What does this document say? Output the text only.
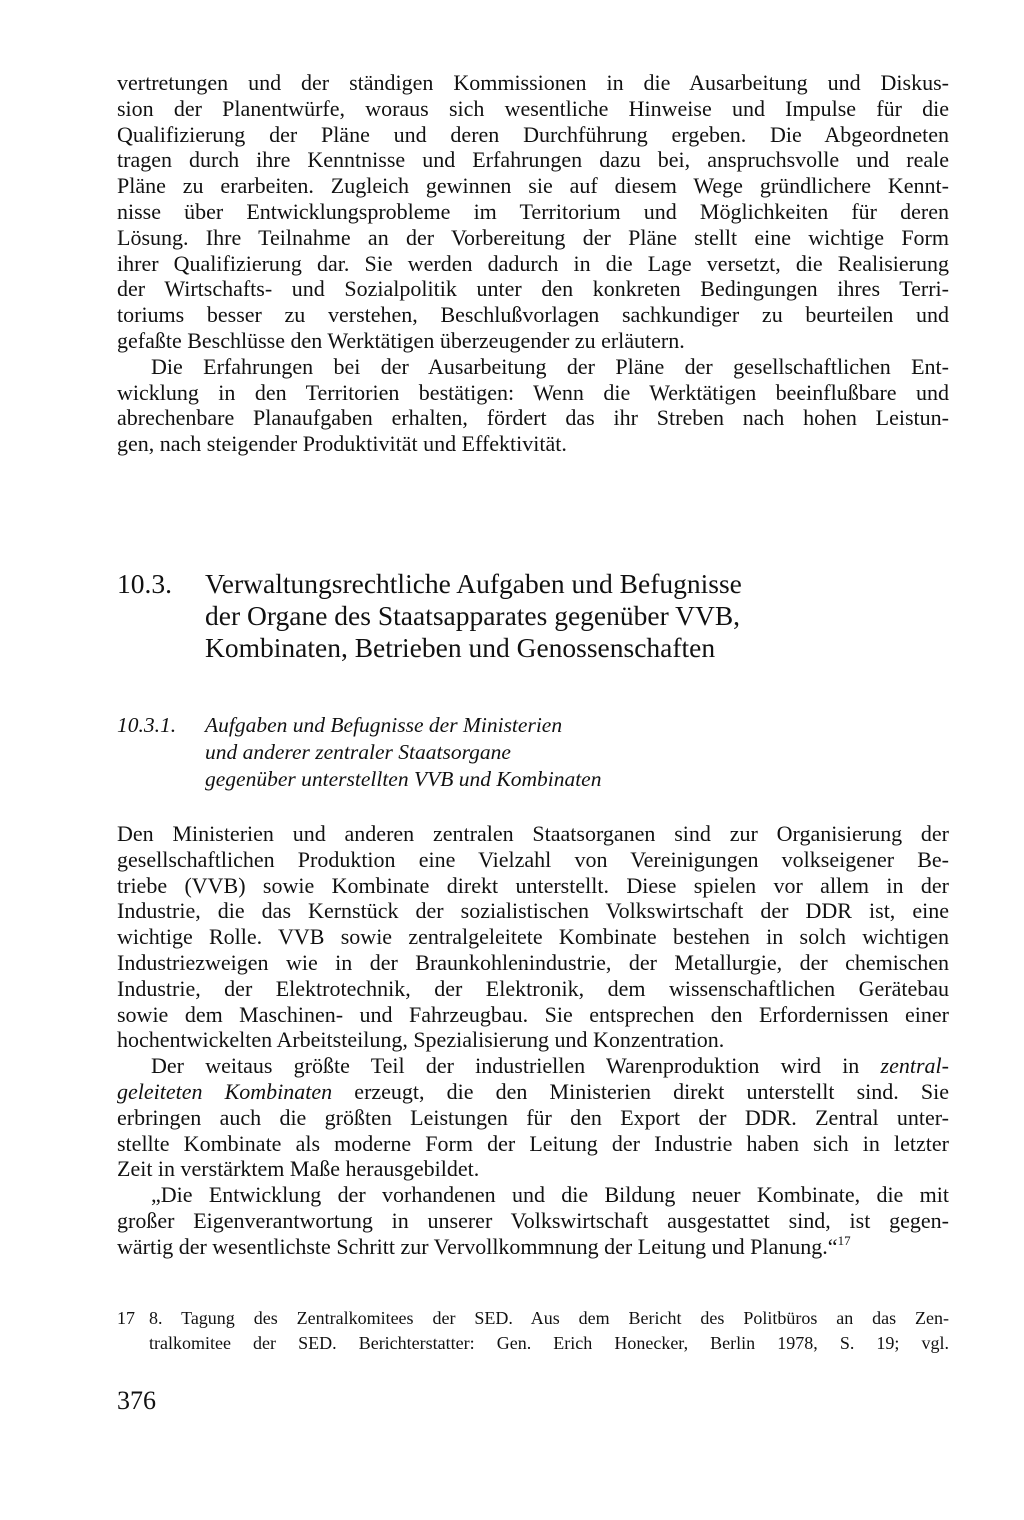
vertretungen und der ständigen Kommissionen in die Ausarbeitung und Diskus-
sion der Planentwürfe, woraus sich wesentliche Hinweise und Impulse für die
Qualifizierung der Pläne und deren Durchführung ergeben. Die Abgeordneten
tragen durch ihre Kenntnisse und Erfahrungen dazu bei, anspruchsvolle und reale
Pläne zu erarbeiten. Zugleich gewinnen sie auf diesem Wege gründlichere Kennt-
nisse über Entwicklungsprobleme im Territorium und Möglichkeiten für deren
Lösung. Ihre Teilnahme an der Vorbereitung der Pläne stellt eine wichtige Form
ihrer Qualifizierung dar. Sie werden dadurch in die Lage versetzt, die Realisierung
der Wirtschafts- und Sozialpolitik unter den konkreten Bedingungen ihres Terri-
toriums besser zu verstehen, Beschlußvorlagen sachkundiger zu beurteilen und
gefaßte Beschlüsse den Werktätigen überzeugender zu erläutern.

Die Erfahrungen bei der Ausarbeitung der Pläne der gesellschaftlichen Ent-
wicklung in den Territorien bestätigen: Wenn die Werktätigen beeinflußbare und
abrechenbare Planaufgaben erhalten, fördert das ihr Streben nach hohen Leistun-
gen, nach steigender Produktivität und Effektivität.

10.3. Verwaltungsrechtliche Aufgaben und Befugnisse
der Organe des Staatsapparates gegenüber VVB,
Kombinaten, Betrieben und Genossenschaften
10.3.1. Aufgaben und Befugnisse der Ministerien
und anderer zentraler Staatsorgane
gegenüber unterstellten VVB und Kombinaten

Den Ministerien und anderen zentralen Staatsorganen sind zur Organisierung der
gesellschaftlichen Produktion eine Vielzahl von Vereinigungen volkseigener Be-
triebe (VVB) sowie Kombinate direkt unterstellt. Diese spielen vor allem in der
Industrie, die das Kernstück der sozialistischen Volkswirtschaft der DDR ist, eine
wichtige Rolle. VVB sowie zentralgeleitete Kombinate bestehen in solch wichtigen
Industriezweigen wie in der Braunkohlenindustrie, der Metallurgie, der chemischen
Industrie, der Elektrotechnik, der Elektronik, dem wissenschaftlichen Gerätebau
sowie dem Maschinen- und Fahrzeugbau. Sie entsprechen den Erfordernissen einer
hochentwickelten Arbeitsteilung, Spezialisierung und Konzentration.

Der weitaus größte Teil der industriellen Warenproduktion wird in zentral-
geleiteten Kombinaten erzeugt, die den Ministerien direkt unterstellt sind. Sie
erbringen auch die größten Leistungen für den Export der DDR. Zentral unter-
stellte Kombinate als moderne Form der Leitung der Industrie haben sich in letzter
Zeit in verstärktem Maße herausgebildet.

„Die Entwicklung der vorhandenen und die Bildung neuer Kombinate, die mit
großer Eigenverantwortung in unserer Volkswirtschaft ausgestattet sind, ist gegen-
wärtig der wesentlichste Schritt zur Vervollkommnung der Leitung und Planung.“$^{17}$

17 8. Tagung des Zentralkomitees der SED. Aus dem Bericht des Politbüros an das Zen-
tralkomitee der SED. Berichterstatter: Gen. Erich Honecker, Berlin 1978, S. 19; vgl.
376
